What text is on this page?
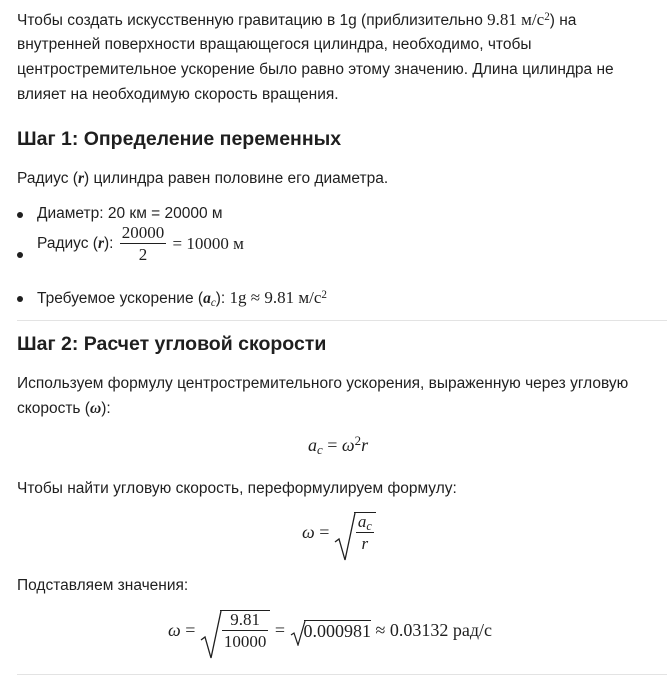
Чтобы создать искусственную гравитацию в 1g (приблизительно 9.81 $м/с^2$) на

внутренней поверхности вращающегося цилиндра, необходимо, чтобы

центростремительное ускорение было равно этому значению. Длина цилиндра не

влияет на необходимую скорость вращения.

Шаг 1: Определение переменных

Радиус (r) цилиндра равен половине его диаметра.

Диаметр: 20 км = 20000 м
Радиус (r): $\frac{20000}{2} = 10000$ м
Требуемое ускорение $(a_c)$: 1g ≈ 9.81 $м/с^2$
Шаг 2: Расчет угловой скорости

Используем формулу центростремительного ускорения, выраженную через угловую

скорость (ω):

$a_c = \omega^2r$

Чтобы найти угловую скорость, переформулируем формулу:

$\omega = \frac{a_c}{r}$

Подставляем значения:

$\omega = \frac{9.81}{10000}$ =
0.000981 ≈ 0.03132 рад/с
